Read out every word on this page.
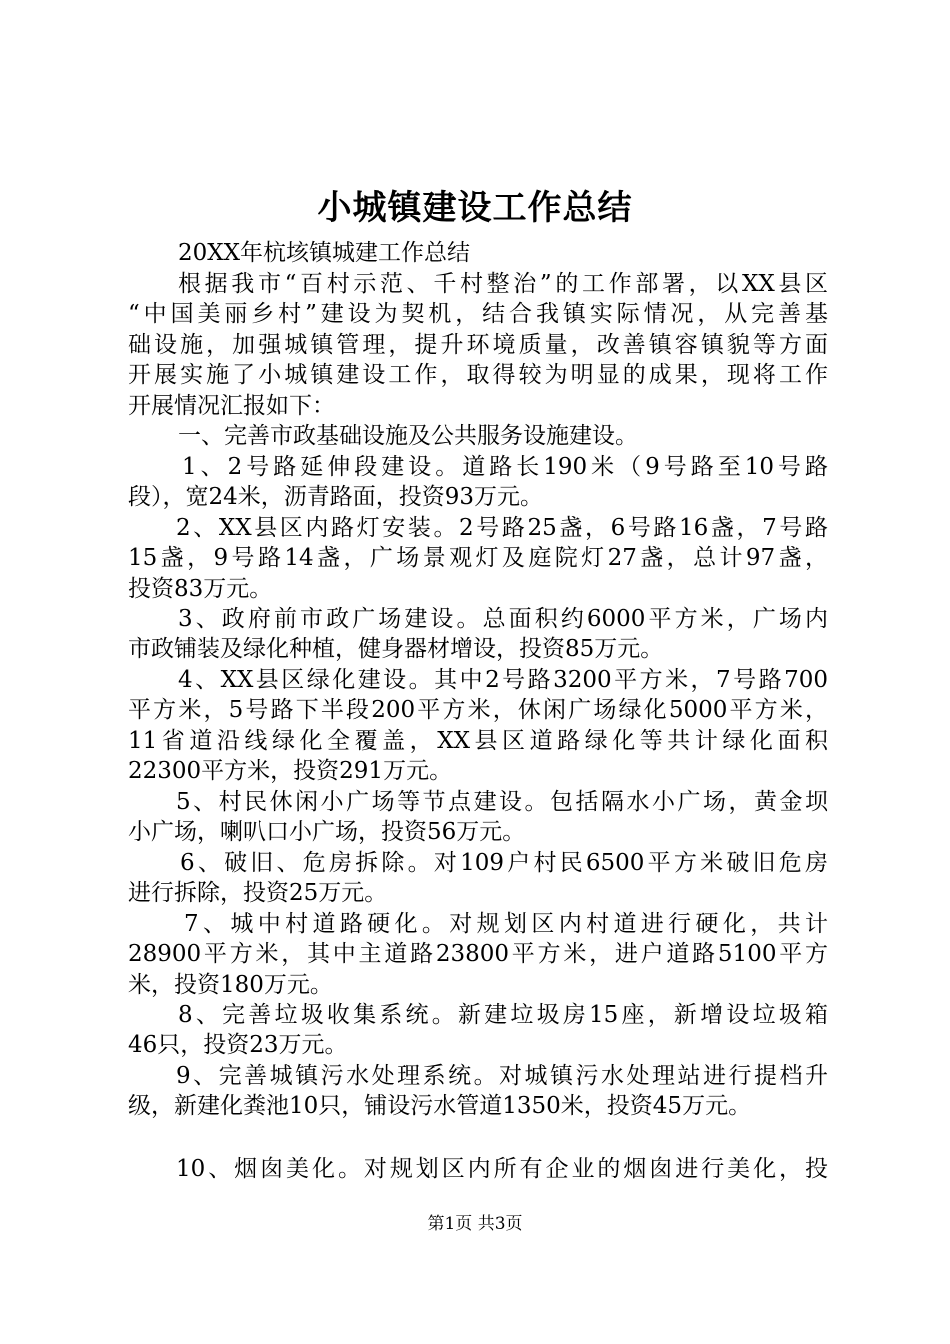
小城镇建设工作总结
20XX年杭垓镇城建工作总结
根据我市“百村示范、千村整治”的工作部署，以XX县区
“中国美丽乡村”建设为契机，结合我镇实际情况，从完善基
础设施，加强城镇管理，提升环境质量，改善镇容镇貌等方面
开展实施了小城镇建设工作，取得较为明显的成果，现将工作
开展情况汇报如下：
一、完善市政基础设施及公共服务设施建设。
1、2号路延伸段建设。道路长190米（9号路至10号路
段），宽24米，沥青路面，投资93万元。
2、XX县区内路灯安装。2号路25盏，6号路16盏，7号路
15盏，9号路14盏，广场景观灯及庭院灯27盏，总计97盏，
投资83万元。
3、政府前市政广场建设。总面积约6000平方米，广场内
市政铺装及绿化种植，健身器材增设，投资85万元。
4、XX县区绿化建设。其中2号路3200平方米，7号路700
平方米，5号路下半段200平方米，休闲广场绿化5000平方米，
11省道沿线绿化全覆盖，XX县区道路绿化等共计绿化面积
22300平方米，投资291万元。
5、村民休闲小广场等节点建设。包括隔水小广场，黄金坝
小广场，喇叭口小广场，投资56万元。
6、破旧、危房拆除。对109户村民6500平方米破旧危房
进行拆除，投资25万元。
7、城中村道路硬化。对规划区内村道进行硬化，共计
28900平方米，其中主道路23800平方米，进户道路5100平方
米，投资180万元。
8、完善垃圾收集系统。新建垃圾房15座，新增设垃圾箱
46只，投资23万元。
9、完善城镇污水处理系统。对城镇污水处理站进行提档升
级，新建化粪池10只，铺设污水管道1350米，投资45万元。
10、烟囱美化。对规划区内所有企业的烟囱进行美化，投
第1页 共3页
